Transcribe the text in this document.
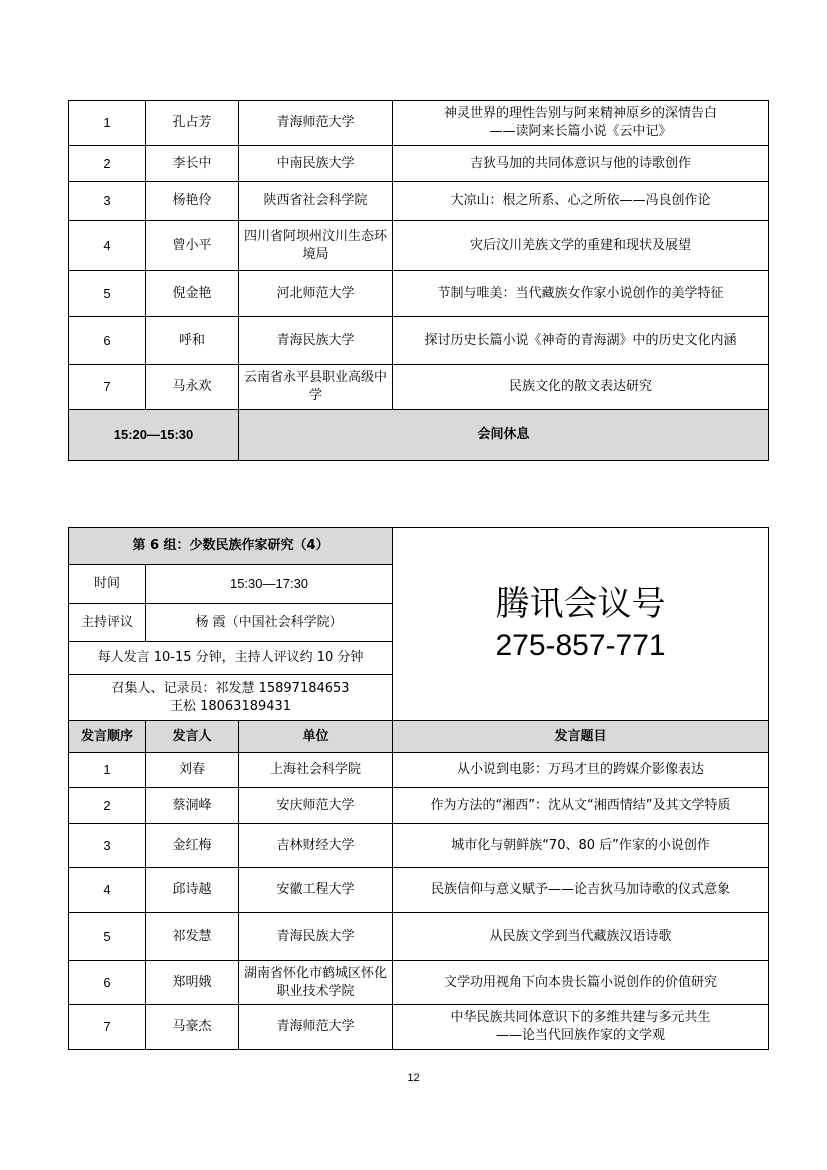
1	孔占芳	青海师范大学	神灵世界的理性告别与阿来精神原乡的深情告白
——读阿来长篇小说《云中记》

2	李长中	中南民族大学	吉狄马加的共同体意识与他的诗歌创作

3	杨艳伶	陕西省社会科学院	大凉山：根之所系、心之所依——冯良创作论

4	曾小平	四川省阿坝州汶川生态环境局	灾后汶川羌族文学的重建和现状及展望

5	倪金艳	河北师范大学	节制与唯美：当代藏族女作家小说创作的美学特征

6	呼和	青海民族大学	探讨历史长篇小说《神奇的青海湖》中的历史文化内涵

7	马永欢	云南省永平县职业高级中学	民族文化的散文表达研究

15:20—15:30		会间休息	
第 6 组：少数民族作家研究（4）			腾讯会议号
275-857-771

时间	15:30—17:30		
主持评议	杨 霞（中国社会科学院）		
每人发言 10-15 分钟，主持人评议约 10 分钟			

召集人、记录员：祁发慧 15897184653
王松 18063189431			

发言顺序	发言人	单位	发言题目
1	刘春	上海社会科学院	从小说到电影：万玛才旦的跨媒介影像表达

2	蔡洞峰	安庆师范大学	作为方法的“湘西”：沈从文“湘西情结”及其文学特质

3	金红梅	吉林财经大学	城市化与朝鲜族“70、80 后”作家的小说创作

4	邱诗越	安徽工程大学	民族信仰与意义赋予——论吉狄马加诗歌的仪式意象

5	祁发慧	青海民族大学	从民族文学到当代藏族汉语诗歌

6	郑明娥	湖南省怀化市鹤城区怀化职业技术学院	文学功用视角下向本贵长篇小说创作的价值研究

7	马豪杰	青海师范大学	中华民族共同体意识下的多维共建与多元共生
——论当代回族作家的文学观
12
